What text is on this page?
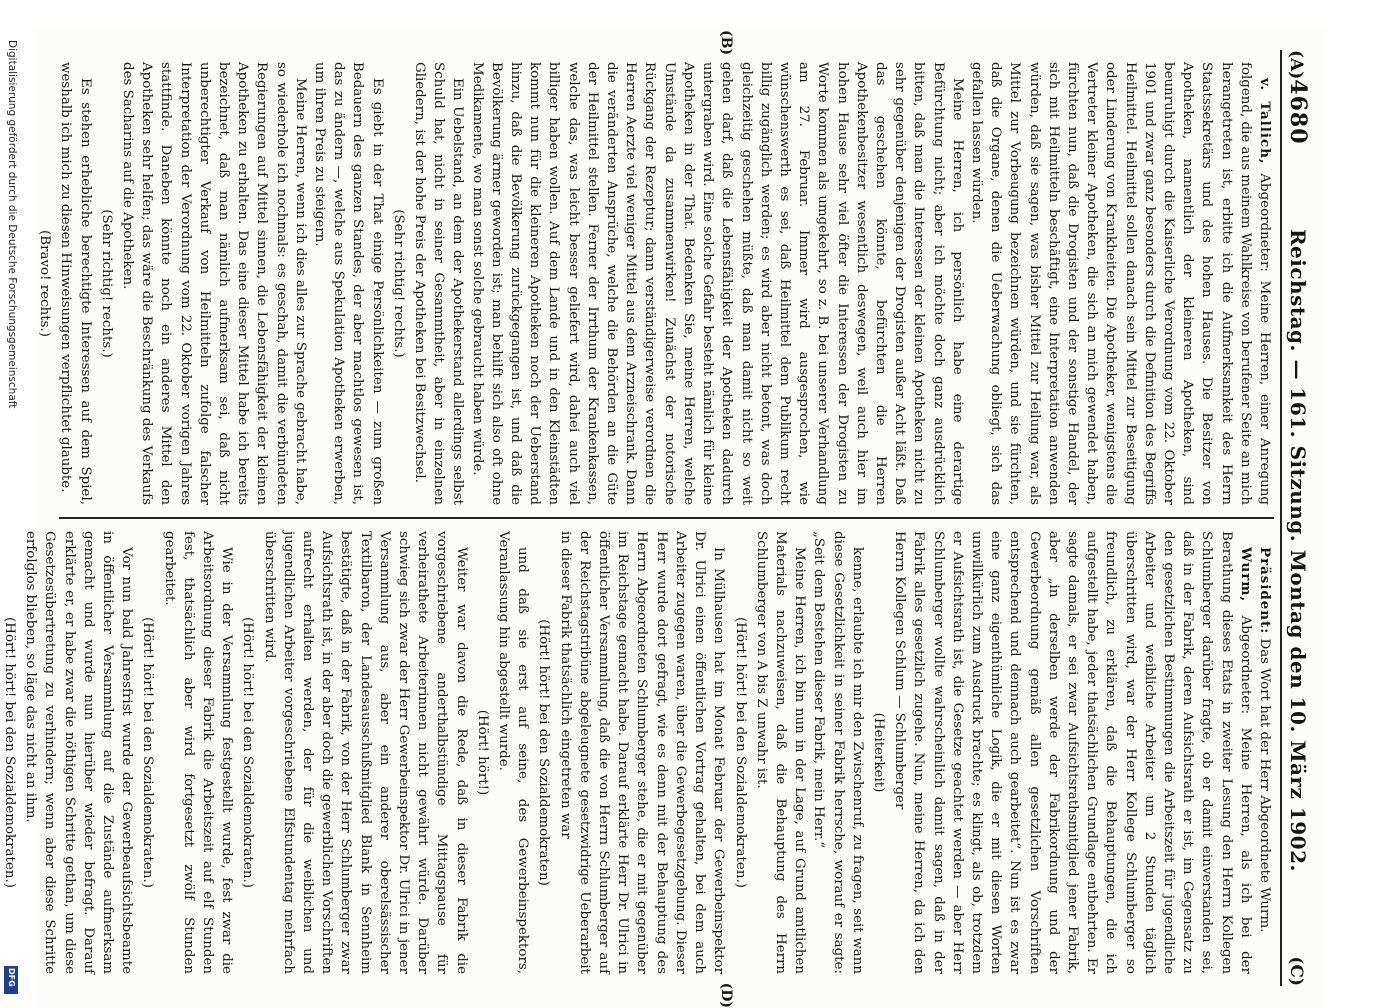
(A)
4680
Reichstag. — 161. Sitzung. Montag den 10. März 1902.
(C)

v. Tallich, Abgeordneter: Meine Herren, einer Anregung folgend, die aus meinem Wahlkreise von berufener Seite an mich herangetreten ist, erbitte ich die Aufmerksamkeit des Herrn Staatssekretärs und des hohen Hauses. Die Besitzer von Apotheken, namentlich der kleineren Apotheken, sind beunruhigt durch die Kaiserliche Verordnung vom 22. Oktober 1901 und zwar ganz besonders durch die Definition des Begriffs Heilmittel. Heilmittel sollen danach sein Mittel zur Beseitigung oder Linderung von Krankheiten. Die Apotheker, wenigstens die Vertreter kleiner Apotheken, die sich an mich gewendet haben, fürchten nun, daß die Drogisten und der sonstige Handel, der sich mit Heilmitteln beschäftigt, eine Interpretation anwenden würden, daß sie sagen, was bisher Mittel zur Heilung war, als Mittel zur Vorbeugung bezeichnen würden, und sie fürchten, daß die Organe, denen die Ueberwachung obliegt, sich das gefallen lassen würden.

Meine Herren, ich persönlich habe eine derartige Befürchtung nicht; aber ich möchte doch ganz ausdrücklich bitten, daß man die Interessen der kleinen Apotheken nicht zu sehr gegenüber denjenigen der Drogisten außer Acht läßt. Daß das geschehen könnte, befürchten die Herren Apothekenbesitzer wesentlich deswegen, weil auch hier im hohen Hause sehr viel öfter die Interessen der Drogisten zu Worte kommen als umgekehrt, so z. B. bei unserer Verhandlung am 27. Februar. Immer wird ausgesprochen, wie wünschenswerth es sei, daß Heilmittel dem Publikum recht billig zugänglich werden; es wird aber nicht betont, was doch gleichzeitig geschehen müßte, daß man damit nicht so weit gehen darf, daß die Lebensfähigkeit der Apotheken dadurch untergraben wird. Eine solche Gefahr besteht nämlich für kleine Apotheken in der That. Bedenken Sie, meine Herren, welche Umstände da zusammenwirken! Zunächst der notorische Rückgang der Rezeptur; dann verständigerweise verordnen die Herren Aerzte viel weniger Mittel aus dem Arzneischrank. Dann die veränderten Ansprüche, welche die Behörden an die Güte der Heilmittel stellen. Ferner der Irrthum der Krankenkassen, welche das, was leicht besser geliefert wird, dahei auch viel billiger haben wollen. Auf dem Lande und in den Kleinstädten kommt nun für die kleineren Apotheken noch der Ueberstand hinzu, daß die Bevölkerung zurückgegangen ist, und daß die Bevölkerung ärmer geworden ist; man behilft sich also oft ohne Medikamente, wo man sonst solche gebraucht haben würde.

Ein Uebelstand, an dem der Apothekerstand allerdings selbst Schuld hat, nicht in seiner Gesammtheit, aber in einzelnen Gliedern, ist der hohe Preis der Apotheken bei Besitzwechsel.

(Sehr richtig! rechts.)

Es giebt in der That einige Persönlichkeiten — zum großen Bedauern des ganzen Standes, der aber machtlos gewesen ist, das zu ändern —, welche aus Spekulation Apotheken erwerben, um ihren Preis zu steigern.

Meine Herren, wenn ich dies alles zur Sprache gebracht habe, so wiederhole ich nochmals: es geschah, damit die verbündeten Regierungen auf Mittel sinnen, die Lebensfähigkeit der kleinen Apotheken zu erhalten. Das eine dieser Mittel habe ich bereits bezeichnet, daß man nämlich aufmerksam sei, daß nicht unberechtigter Verkauf von Heilmitteln zufolge falscher Interpretation der Verordnung vom 22. Oktober vorigen Jahres stattfinde. Daneben könnte noch ein anderes Mittel den Apotheken sehr helfen; das wäre die Beschränkung des Verkaufs des Sacharins auf die Apotheken.

(Sehr richtig! rechts.)

Es stehen erhebliche berechtigte Interessen auf dem Spiel, weshalb ich mich zu diesen Hinweisungen verpflichtet glaubte.

(Bravo! rechts.)

Präsident: Das Wort hat der Herr Abgeordnete Wurm.

Wurm, Abgeordneter: Meine Herren, als ich bei der Berathung dieses Etats in zweiter Lesung den Herrn Kollegen Schlumberger darüber fragte, ob er damit einverstanden sei, daß in der Fabrik, deren Aufsichtsrath er ist, im Gegensatz zu den gesetzlichen Bestimmungen die Arbeitszeit für jugendliche Arbeiter und weibliche Arbeiter um 2 Stunden täglich überschritten wird, war der Herr Kollege Schlumberger so freundlich, zu erklären, daß die Behauptungen, die ich aufgestellt habe, jeder thatsächlichen Grundlage entbehrten. Er sagte damals, er sei zwar Aufsichtsrathsmitglied jener Fabrik, aber „in derselben werde der Fabrikordnung und der Gewerbeordnung gemäß allen gesetzlichen Vorschriften entsprechend und demnach auch gearbeitet“. Nun ist es zwar eine ganz eigenthümliche Logik, die er mit diesen Worten unwillkürlich zum Ausdruck brachte; es klingt, als ob, trotzdem er Aufsichtsrath ist, die Gesetze geachtet werden — aber Herr Schlumberger wollte wahrscheinlich damit sagen, daß in der Fabrik alles gesetzlich zugehe. Nun, meine Herren, da ich den Herrn Kollegen Schlum — Schlumberger

(Heiterkeit)

kenne, erlaubte ich mir den Zwischenruf, zu fragen, seit wann diese Gesetzlichkeit in seiner Fabrik herrsche, worauf er sagte: „Seit dem Bestehen dieser Fabrik, mein Herr.“

Meine Herren, ich bin nun in der Lage, auf Grund amtlichen Materials nachzuweisen, daß die Behauptung des Herrn Schlumberger von A bis Z unwahr ist.

(Hört! hört! bei den Sozialdemokraten.)

In Mülhausen hat im Monat Februar der Gewerbeinspektor Dr. Ulrici einen öffentlichen Vortrag gehalten, bei dem auch Arbeiter zugegen waren, über die Gewerbegesetzgebung. Dieser Herr wurde dort gefragt, wie es denn mit der Behauptung des Herrn Abgeordneten Schlumberger stehe, die er mit gegenüber im Reichstage gemacht habe. Darauf erklärte Herr Dr. Ulrici in öffentlicher Versammlung, daß die von Herrn Schlumberger auf der Reichstagstribüne abgeleugnete gesetzwidrige Ueberarbeit in dieser Fabrik thatsächlich eingetreten war

(Hört! hört! bei den Sozialdemokraten)

und daß sie erst auf seine, des Gewerbeinspektors, Veranlassung hin abgestellt wurde.

(Hört! hört!)

Weiter war davon die Rede, daß in dieser Fabrik die vorgeschriebene anderthalbstündige Mittagspause für verheirathete Arbeiterinnen nicht gewährt würde. Darüber schwieg sich zwar der Herr Gewerbeinspektor Dr. Ulrici in jener Versammlung aus, aber ein anderer oberelsässischer Textilbaron, der Landesausschußmitglied Blank in Sennheim bestätigte, daß in der Fabrik, von der Herr Schlumberger zwar Aufsichtsrath ist, in der aber doch die gewerblichen Vorschriften aufrecht erhalten werden, der für die weiblichen und jugendlichen Arbeiter vorgeschriebene Elfstundentag mehrfach überschritten wird.

(Hört! hört! bei den Sozialdemokraten.)

Wie in der Versammlung festgestellt wurde, fest zwar die Arbeitsordnung dieser Fabrik die Arbeitszeit auf elf Stunden fest, thatsächlich aber wird fortgesetzt zwölf Stunden gearbeitet.

(Hört! hört! bei den Sozialdemokraten.)

Vor nun bald Jahresfrist wurde der Gewerbeaufsichtsbeamte in öffentlicher Versammlung auf die Zustände aufmerksam gemacht und wurde nun hierüber wieder befragt. Darauf erklärte er, er habe zwar die nöthigen Schritte gethan, um diese Gesetzesübertretung zu verhindern; wenn aber diese Schritte erfolglos blieben, so läge das nicht an ihm.

(Hört! hört! bei den Sozialdemokraten.)

(B)
(D)
Digitalisierung gefördert durch die Deutsche Forschungsgemeinschaft
DFG
